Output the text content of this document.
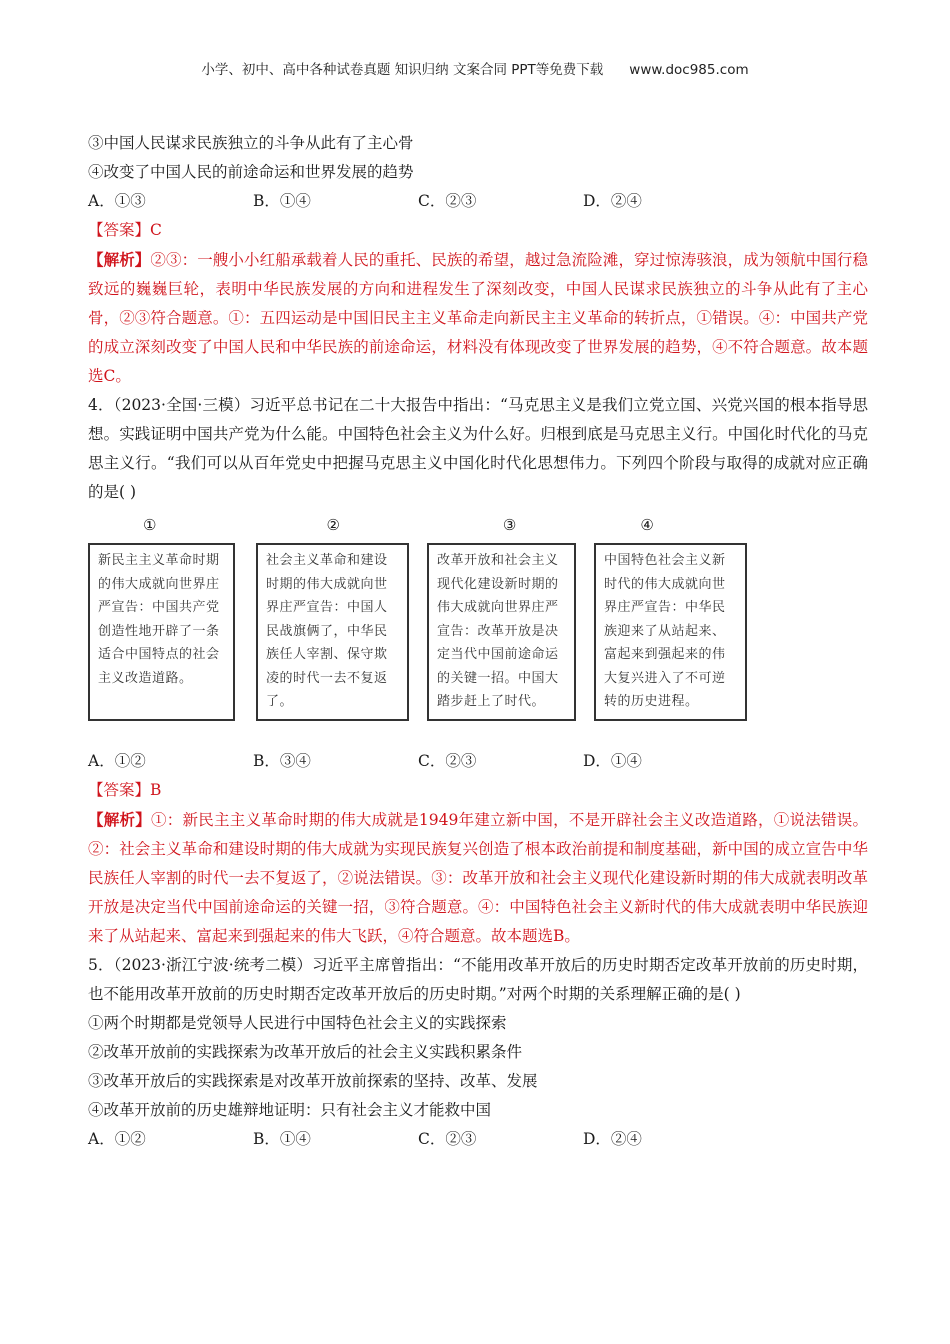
小学、初中、高中各种试卷真题 知识归纳 文案合同 PPT等免费下载 www.doc985.com

③中国人民谋求民族独立的斗争从此有了主心骨

④改变了中国人民的前途命运和世界发展的趋势

A．①③	B．①④	C．②③	D．②④

【答案】C

【解析】②③：一艘小小红船承载着人民的重托、民族的希望，越过急流险滩，穿过惊涛骇浪，成为领航中国行稳致远的巍巍巨轮，表明中华民族发展的方向和进程发生了深刻改变，中国人民谋求民族独立的斗争从此有了主心骨，②③符合题意。①：五四运动是中国旧民主主义革命走向新民主主义革命的转折点，①错误。④：中国共产党的成立深刻改变了中国人民和中华民族的前途命运，材料没有体现改变了世界发展的趋势，④不符合题意。故本题选C。

4．（2023·全国·三模）习近平总书记在二十大报告中指出：“马克思主义是我们立党立国、兴党兴国的根本指导思想。实践证明中国共产党为什么能。中国特色社会主义为什么好。归根到底是马克思主义行。中国化时代化的马克思主义行。“我们可以从百年党史中把握马克思主义中国化时代化思想伟力。下列四个阶段与取得的成就对应正确的是( )

①	②	③	④
新民主主义革命时期的伟大成就向世界庄严宣告：中国共产党创造性地开辟了一条适合中国特点的社会主义改造道路。
社会主义革命和建设时期的伟大成就向世界庄严宣告：中国人民战旗俩了，中华民族任人宰割、保守欺凌的时代一去不复返了。
改革开放和社会主义现代化建设新时期的伟大成就向世界庄严宣告：改革开放是决定当代中国前途命运的关键一招。中国大踏步赶上了时代。
中国特色社会主义新时代的伟大成就向世界庄严宣告：中华民族迎来了从站起来、富起来到强起来的伟大复兴进入了不可逆转的历史进程。
A．①②	B．③④	C．②③	D．①④

【答案】B

【解析】①：新民主主义革命时期的伟大成就是1949年建立新中国，不是开辟社会主义改造道路，①说法错误。②：社会主义革命和建设时期的伟大成就为实现民族复兴创造了根本政治前提和制度基础，新中国的成立宣告中华民族任人宰割的时代一去不复返了，②说法错误。③：改革开放和社会主义现代化建设新时期的伟大成就表明改革开放是决定当代中国前途命运的关键一招，③符合题意。④：中国特色社会主义新时代的伟大成就表明中华民族迎来了从站起来、富起来到强起来的伟大飞跃，④符合题意。故本题选B。

5．（2023·浙江宁波·统考二模）习近平主席曾指出：“不能用改革开放后的历史时期否定改革开放前的历史时期，也不能用改革开放前的历史时期否定改革开放后的历史时期。”对两个时期的关系理解正确的是( )

①两个时期都是党领导人民进行中国特色社会主义的实践探索

②改革开放前的实践探索为改革开放后的社会主义实践积累条件

③改革开放后的实践探索是对改革开放前探索的坚持、改革、发展

④改革开放前的历史雄辩地证明：只有社会主义才能救中国

A．①②	B．①④	C．②③	D．②④
